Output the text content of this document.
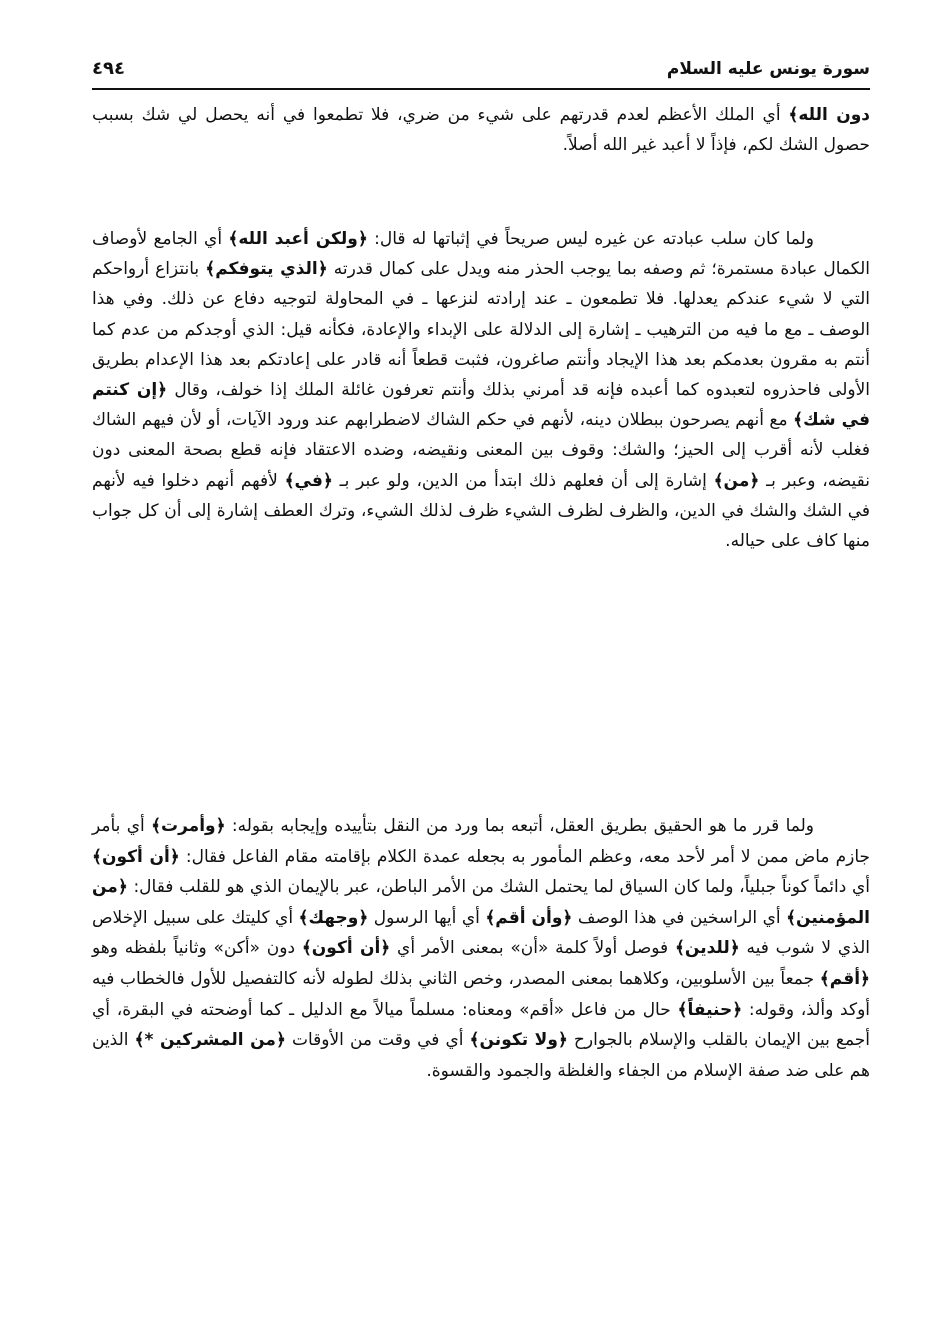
سورة يونس عليه السلام
٤٩٤
دون الله﴾ أي الملك الأعظم لعدم قدرتهم على شيء من ضري، فلا تطمعوا في أنه يحصل لي شك بسبب حصول الشك لكم، فإذاً لا أعبد غير الله أصلاً.
ولما كان سلب عبادته عن غيره ليس صريحاً في إثباتها له قال: ﴿ولكن أعبد الله﴾ أي الجامع لأوصاف الكمال عبادة مستمرة؛ ثم وصفه بما يوجب الحذر منه ويدل على كمال قدرته ﴿الذي يتوفكم﴾ بانتزاع أرواحكم التي لا شيء عندكم يعدلها. فلا تطمعون ـ عند إرادته لنزعها ـ في المحاولة لتوجيه دفاع عن ذلك. وفي هذا الوصف ـ مع ما فيه من الترهيب ـ إشارة إلى الدلالة على الإبداء والإعادة، فكأنه قيل: الذي أوجدكم من عدم كما أنتم به مقرون بعدمكم بعد هذا الإيجاد وأنتم صاغرون، فثبت قطعاً أنه قادر على إعادتكم بعد هذا الإعدام بطريق الأولى فاحذروه لتعبدوه كما أعبده فإنه قد أمرني بذلك وأنتم تعرفون غائلة الملك إذا خولف، وقال ﴿إن كنتم في شك﴾ مع أنهم يصرحون ببطلان دينه، لأنهم في حكم الشاك لاضطرابهم عند ورود الآيات، أو لأن فيهم الشاك فغلب لأنه أقرب إلى الحيز؛ والشك: وقوف بين المعنى ونقيضه، وضده الاعتقاد فإنه قطع بصحة المعنى دون نقيضه، وعبر بـ ﴿من﴾ إشارة إلى أن فعلهم ذلك ابتدأ من الدين، ولو عبر بـ ﴿في﴾ لأفهم أنهم دخلوا فيه لأنهم في الشك والشك في الدين، والظرف لظرف الشيء ظرف لذلك الشيء، وترك العطف إشارة إلى أن كل جواب منها كاف على حياله.
ولما قرر ما هو الحقيق بطريق العقل، أتبعه بما ورد من النقل بتأييده وإيجابه بقوله: ﴿وأمرت﴾ أي بأمر جازم ماض ممن لا أمر لأحد معه، وعظم المأمور به بجعله عمدة الكلام بإقامته مقام الفاعل فقال: ﴿أن أكون﴾ أي دائماً كوناً جبلياً، ولما كان السياق لما يحتمل الشك من الأمر الباطن، عبر بالإيمان الذي هو للقلب فقال: ﴿من المؤمنين﴾ أي الراسخين في هذا الوصف ﴿وأن أقم﴾ أي أيها الرسول ﴿وجهك﴾ أي كليتك على سبيل الإخلاص الذي لا شوب فيه ﴿للدين﴾ فوصل أولاً كلمة «أن» بمعنى الأمر أي ﴿أن أكون﴾ دون «أكن» وثانياً بلفظه وهو ﴿أقم﴾ جمعاً بين الأسلوبين، وكلاهما بمعنى المصدر، وخص الثاني بذلك لطوله لأنه كالتفصيل للأول فالخطاب فيه أوكد وألذ، وقوله: ﴿حنيفاً﴾ حال من فاعل «أقم» ومعناه: مسلماً ميالاً مع الدليل ـ كما أوضحته في البقرة، أي أجمع بين الإيمان بالقلب والإسلام بالجوارح ﴿ولا تكونن﴾ أي في وقت من الأوقات ﴿من المشركين *﴾ الذين هم على ضد صفة الإسلام من الجفاء والغلظة والجمود والقسوة.
